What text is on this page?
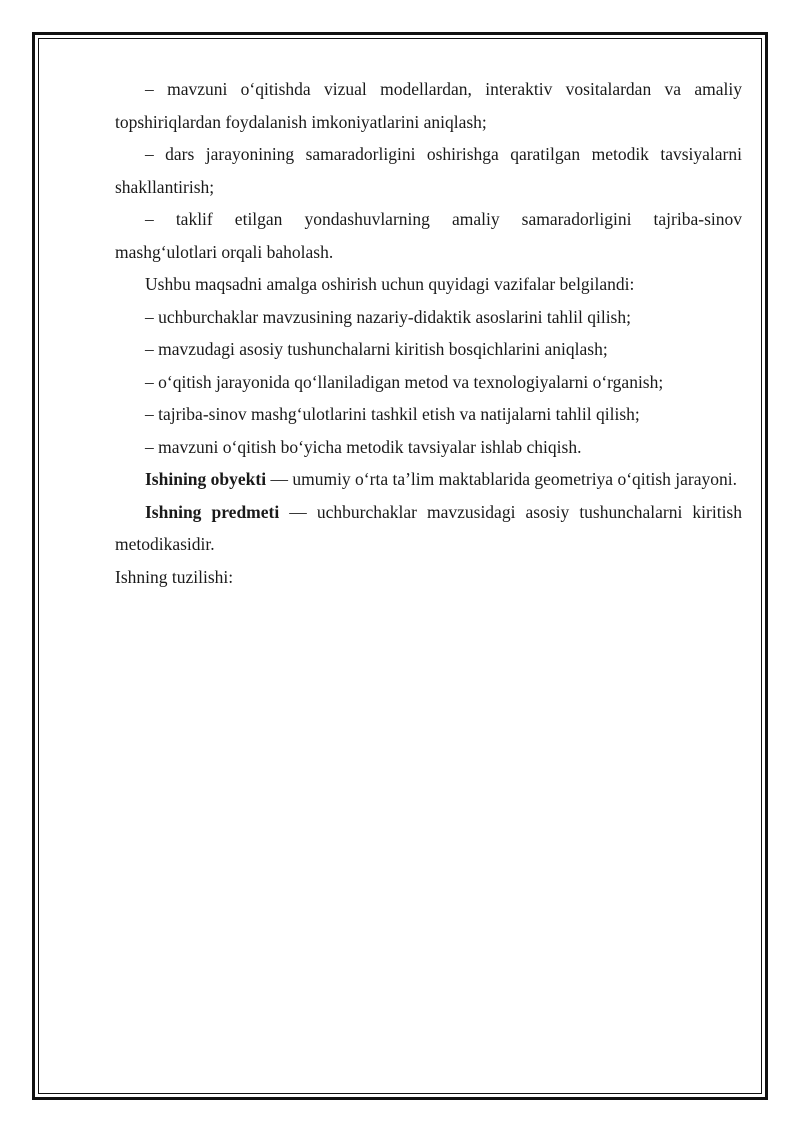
– mavzuni o‘qitishda vizual modellardan, interaktiv vositalardan va amaliy topshiriqlardan foydalanish imkoniyatlarini aniqlash;

– dars jarayonining samaradorligini oshirishga qaratilgan metodik tavsiyalarni shakllantirish;

– taklif etilgan yondashuvlarning amaliy samaradorligini tajriba-sinov mashg‘ulotlari orqali baholash.

Ushbu maqsadni amalga oshirish uchun quyidagi vazifalar belgilandi:

– uchburchaklar mavzusining nazariy-didaktik asoslarini tahlil qilish;

– mavzudagi asosiy tushunchalarni kiritish bosqichlarini aniqlash;

– o‘qitish jarayonida qo‘llaniladigan metod va texnologiyalarni o‘rganish;

– tajriba-sinov mashg‘ulotlarini tashkil etish va natijalarni tahlil qilish;

– mavzuni o‘qitish bo‘yicha metodik tavsiyalar ishlab chiqish.

Ishining obyekti — umumiy o‘rta ta’lim maktablarida geometriya o‘qitish jarayoni.

Ishning predmeti — uchburchaklar mavzusidagi asosiy tushunchalarni kiritish metodikasidir.

Ishning tuzilishi:
